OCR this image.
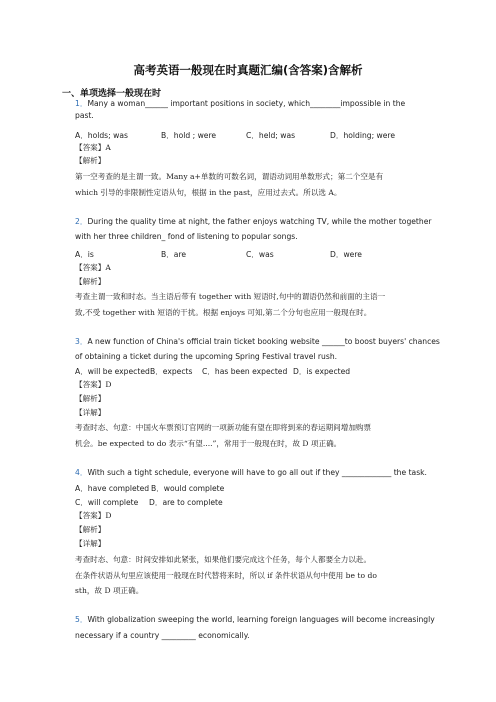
高考英语一般现在时真题汇编(含答案)含解析
一、单项选择一般现在时
1．Many a woman______ important positions in society, which________impossible in the
past.
A．holds; was	B．hold ; were	C．held; was	D．holding; were
【答案】A
【解析】
第一空考查的是主谓一致。Many a+单数的可数名词，谓语动词用单数形式；第二个空是有
which 引导的非限制性定语从句，根据 in the past，应用过去式。所以选 A。
2．During the quality time at night, the father enjoys watching TV, while the mother together
with her three children_ fond of listening to popular songs.
A．is	B．are	C．was	D．were
【答案】A
【解析】
考查主谓一致和时态。当主语后带有 together with 短语时,句中的谓语仍然和前面的主语一
致,不受 together with 短语的干扰。根据 enjoys 可知,第二个分句也应用一般现在时。
3．A new function of China's official train ticket booking website ______to boost buyers' chances
of obtaining a ticket during the upcoming Spring Festival travel rush.
A．will be expected B．expects C．has been expected D．is expected
【答案】D
【解析】
【详解】
考查时态、句意：中国火车票预订官网的一项新功能有望在即将到来的春运期间增加购票
机会。be expected to do 表示“有望....”，常用于一般现在时，故 D 项正确。
4．With such a tight schedule, everyone will have to go all out if they _____________ the task.
A．have completed B．would complete
C．will complete D．are to complete
【答案】D
【解析】
【详解】
考查时态、句意：时间安排如此紧张，如果他们要完成这个任务，每个人都要全力以赴。
在条件状语从句里应该使用一般现在时代替将来时，所以 if 条件状语从句中使用 be to do
sth，故 D 项正确。
5．With globalization sweeping the world, learning foreign languages will become increasingly
necessary if a country _________ economically.
